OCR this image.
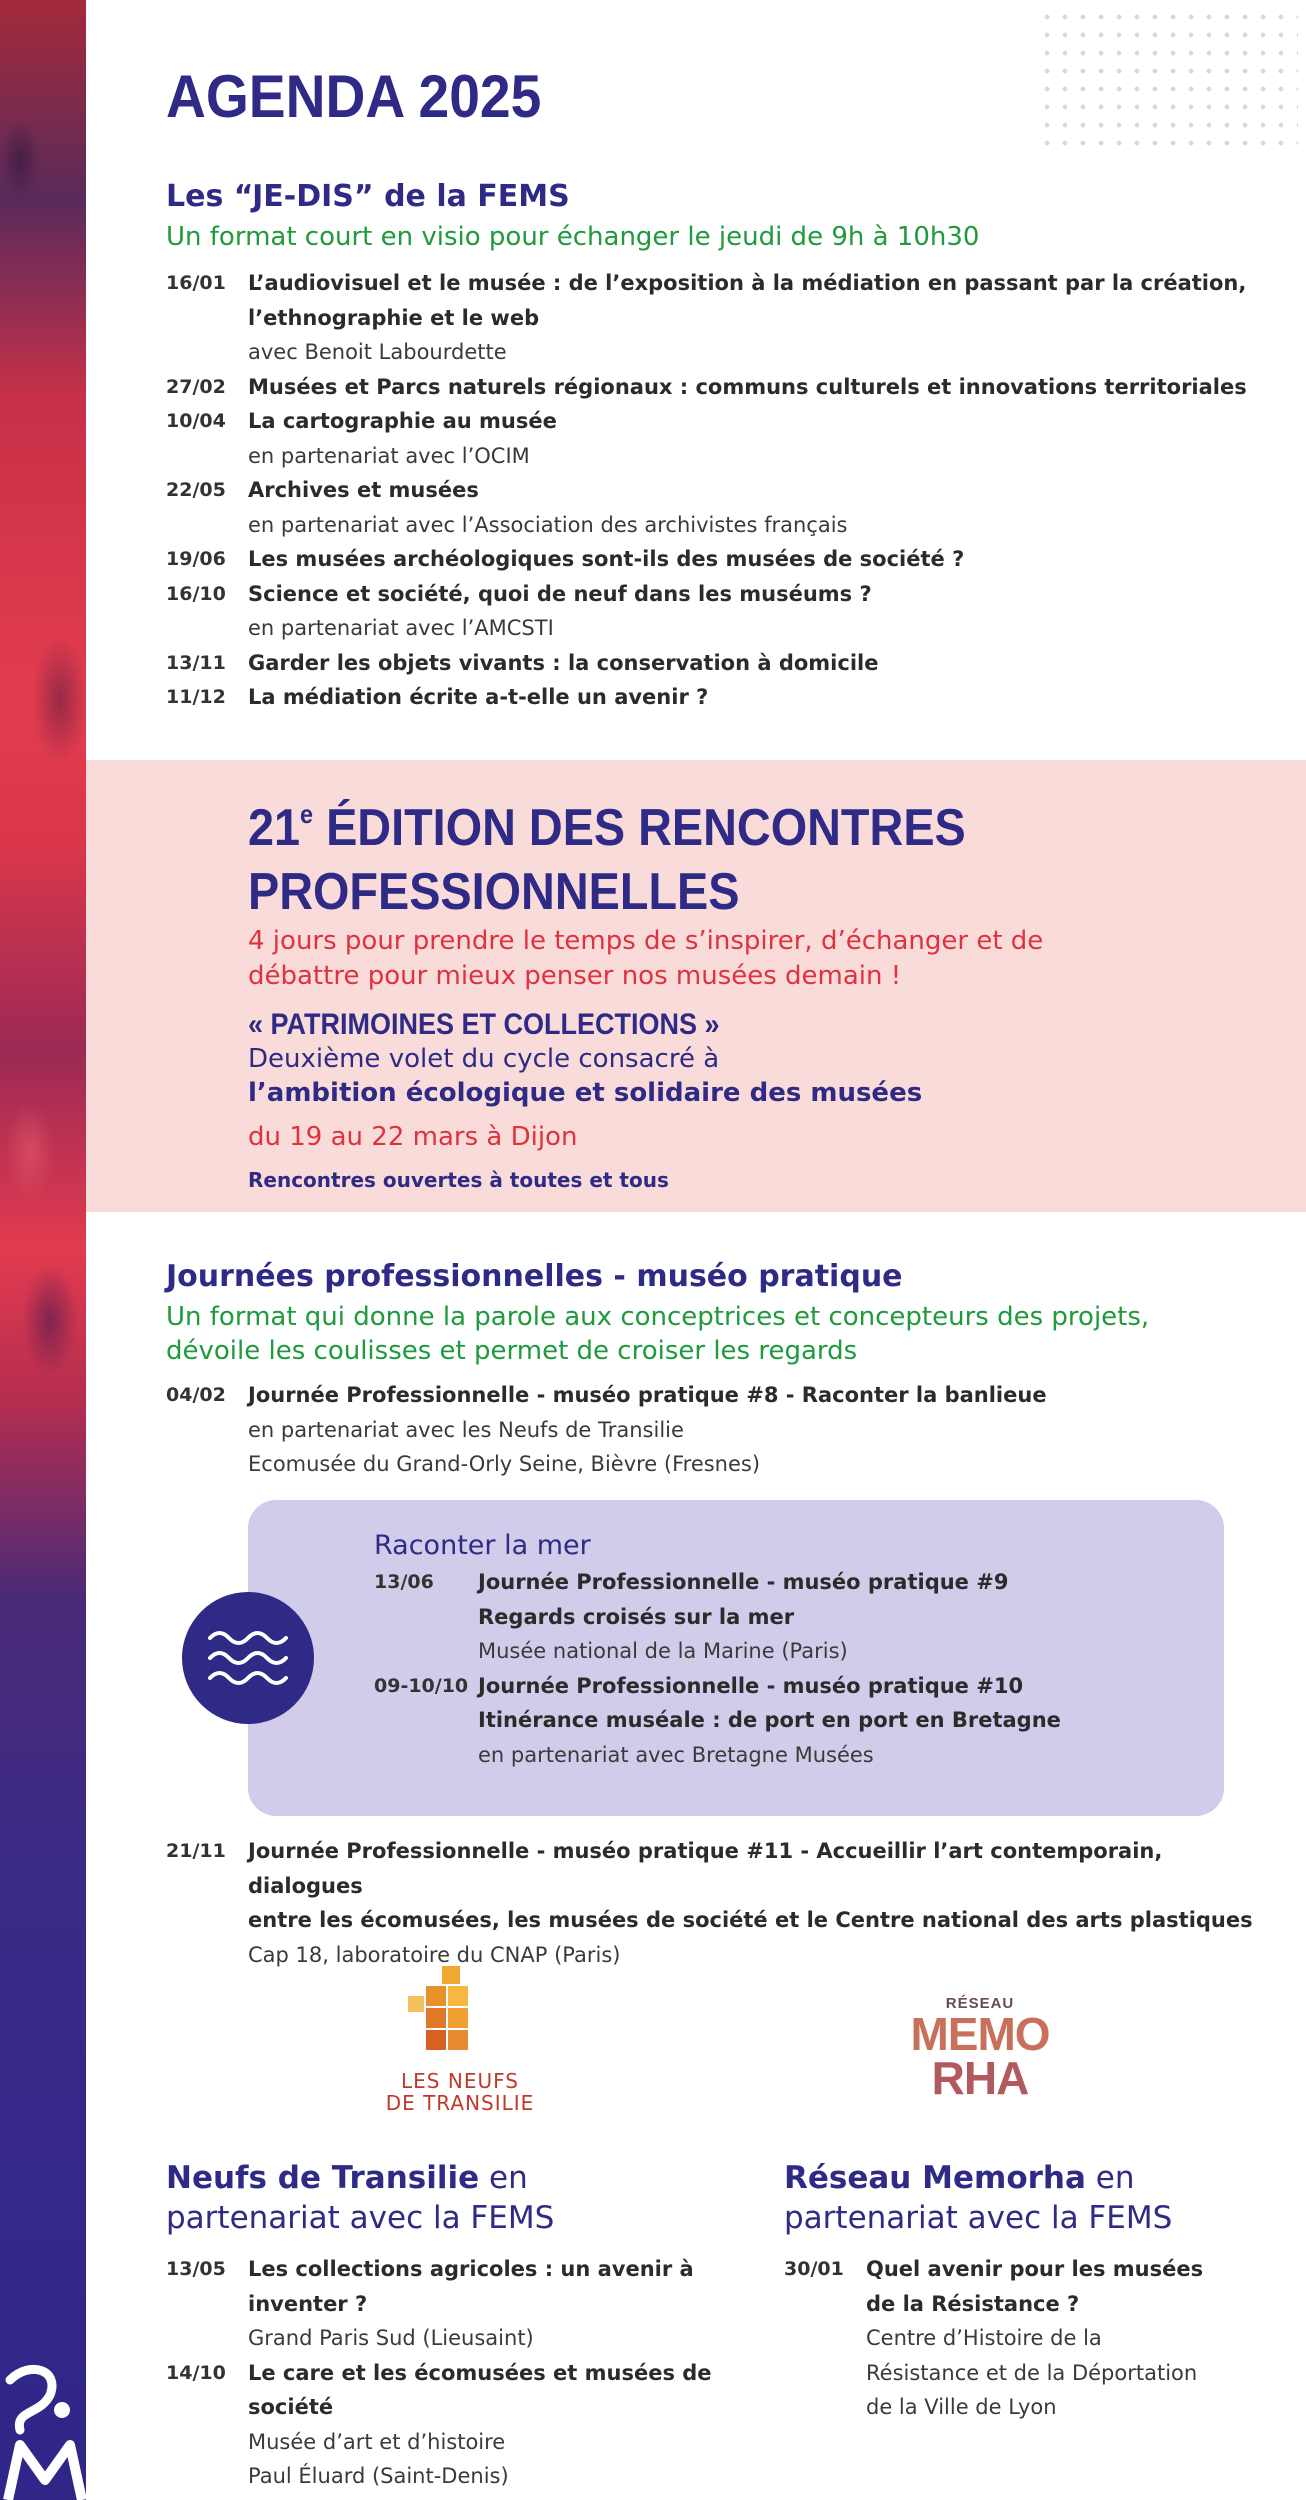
AGENDA 2025
Les “JE-DIS” de la FEMS
Un format court en visio pour échanger le jeudi de 9h à 10h30
16/01	L’audiovisuel et le musée : de l’exposition à la médiation en passant par la création,
l’ethnographie et le web
avec Benoit Labourdette
27/02	Musées et Parcs naturels régionaux : communs culturels et innovations territoriales
10/04	La cartographie au musée
en partenariat avec l’OCIM
22/05	Archives et musées
en partenariat avec l’Association des archivistes français
19/06	Les musées archéologiques sont-ils des musées de société ?
16/10	Science et société, quoi de neuf dans les muséums ?
en partenariat avec l’AMCSTI
13/11	Garder les objets vivants : la conservation à domicile
11/12	La médiation écrite a-t-elle un avenir ?
21e ÉDITION DES RENCONTRES
PROFESSIONNELLES
4 jours pour prendre le temps de s’inspirer, d’échanger et de
débattre pour mieux penser nos musées demain !
« PATRIMOINES ET COLLECTIONS »
Deuxième volet du cycle consacré à
l’ambition écologique et solidaire des musées
du 19 au 22 mars à Dijon
Rencontres ouvertes à toutes et tous
Journées professionnelles - muséo pratique
Un format qui donne la parole aux conceptrices et concepteurs des projets,
dévoile les coulisses et permet de croiser les regards
04/02	Journée Professionnelle - muséo pratique #8 - Raconter la banlieue
en partenariat avec les Neufs de Transilie
Ecomusée du Grand-Orly Seine, Bièvre (Fresnes)
Raconter la mer
13/06	Journée Professionnelle - muséo pratique #9
Regards croisés sur la mer
Musée national de la Marine (Paris)
09-10/10 Journée Professionnelle - muséo pratique #10
Itinérance muséale : de port en port en Bretagne
en partenariat avec Bretagne Musées
21/11	Journée Professionnelle - muséo pratique #11 - Accueillir l’art contemporain, dialogues
entre les écomusées, les musées de société et le Centre national des arts plastiques
Cap 18, laboratoire du CNAP (Paris)
LES NEUFS
DE TRANSILIE
RÉSEAU
MEMO
RHA
Neufs de Transilie en
partenariat avec la FEMS
13/05	Les collections agricoles : un avenir à inventer ?
Grand Paris Sud (Lieusaint)
14/10	Le care et les écomusées et musées de société
Musée d’art et d’histoire
Paul Éluard (Saint-Denis)
Réseau Memorha en
partenariat avec la FEMS
30/01	Quel avenir pour les musées
de la Résistance ?
Centre d’Histoire de la
Résistance et de la Déportation
de la Ville de Lyon
